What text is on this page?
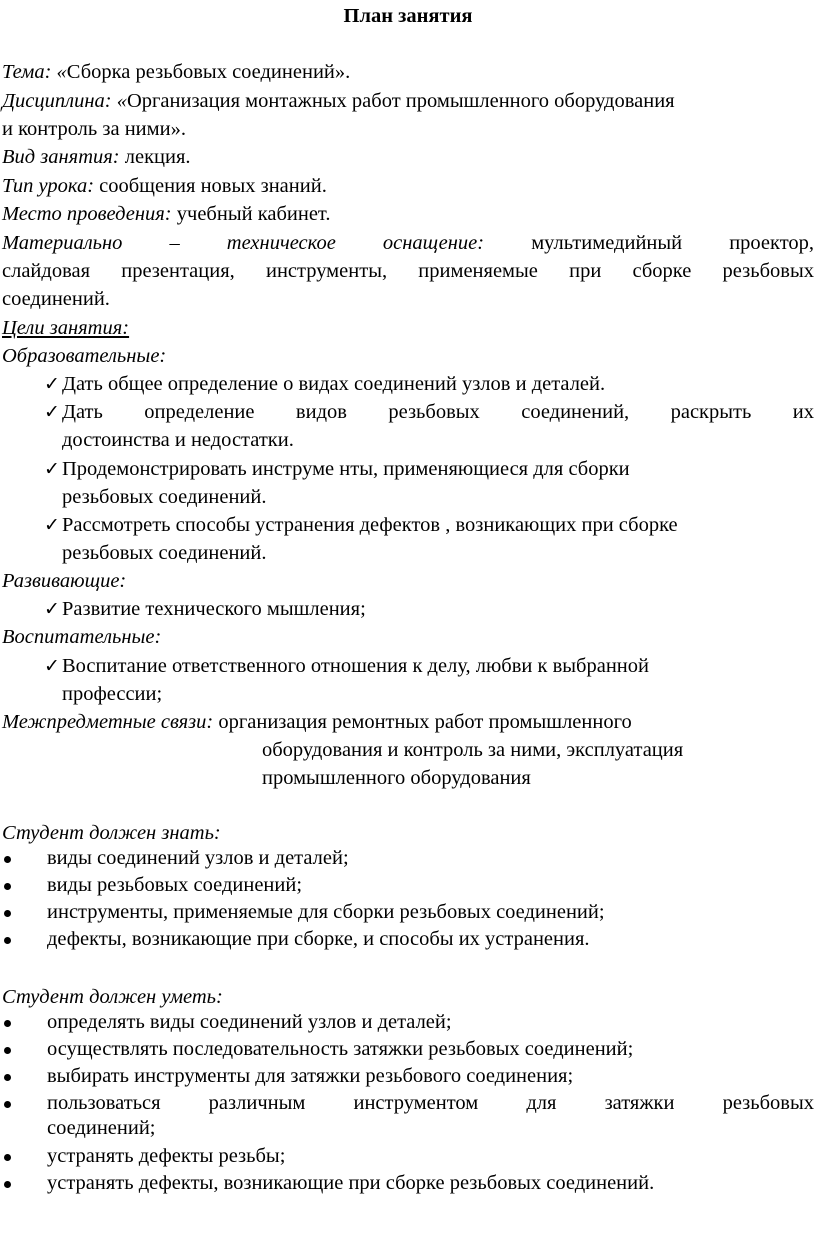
План занятия
Тема: «Сборка резьбовых соединений».
Дисциплина: «Организация монтажных работ промышленного оборудования
и контроль за ними».
Вид занятия: лекция.
Тип урока: сообщения новых знаний.
Место проведения: учебный кабинет.
Материально – техническое оснащение: мультимедийный проектор,
слайдовая презентация, инструменты, применяемые при сборке резьбовых
соединений.
Цели занятия:
Образовательные:
✓ Дать общее определение о видах соединений узлов и деталей.
✓ Дать определение видов резьбовых соединений, раскрыть их
достоинства и недостатки.
✓ Продемонстрировать инструме нты, применяющиеся для сборки
резьбовых соединений.
✓ Рассмотреть способы устранения дефектов , возникающих при сборке
резьбовых соединений.
Развивающие:
✓ Развитие технического мышления;
Воспитательные:
✓ Воспитание ответственного отношения к делу, любви к выбранной
профессии;
Межпредметные связи: организация ремонтных работ промышленного
оборудования и контроль за ними, эксплуатация
промышленного оборудования
Студент должен знать:
виды соединений узлов и деталей;
виды резьбовых соединений;
инструменты, применяемые для сборки резьбовых соединений;
дефекты, возникающие при сборке, и способы их устранения.
Студент должен уметь:
определять виды соединений узлов и деталей;
осуществлять последовательность затяжки резьбовых соединений;
выбирать инструменты для затяжки резьбового соединения;
пользоваться различным инструментом для затяжки резьбовых
соединений;
устранять дефекты резьбы;
устранять дефекты, возникающие при сборке резьбовых соединений.
